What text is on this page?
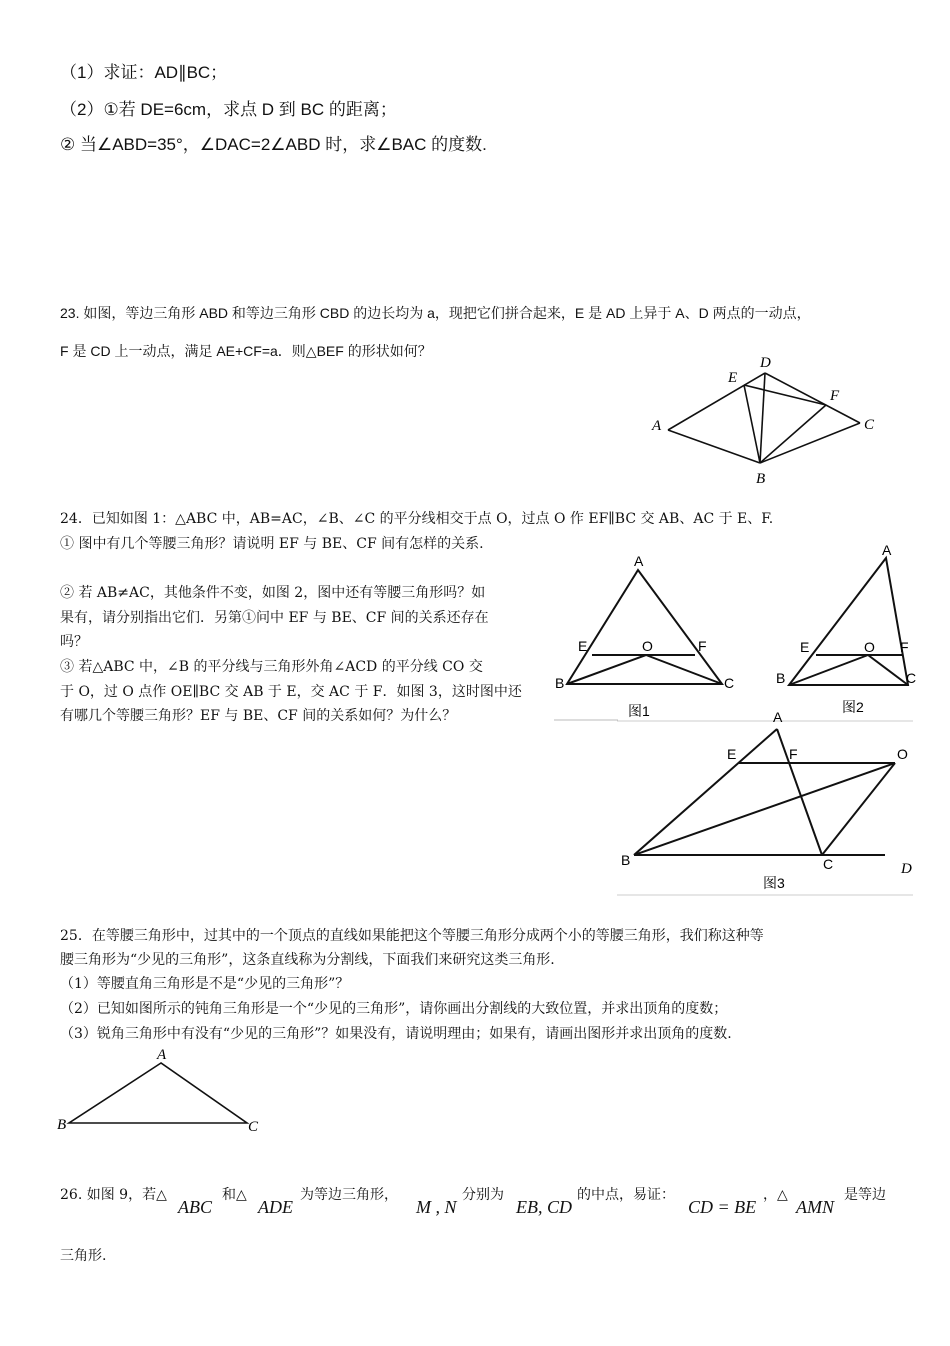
（1）求证：AD∥BC；
（2）①若 DE=6cm，求点 D 到 BC 的距离；
② 当∠ABD=35°，∠DAC=2∠ABD 时，求∠BAC 的度数.
23. 如图，等边三角形 ABD 和等边三角形 CBD 的边长均为 a，现把它们拼合起来，E 是 AD 上异于 A、D 两点的一动点，
F 是 CD 上一动点，满足 AE+CF=a．则△BEF 的形状如何？
A
B
C
D
E
F
24．已知如图 1：△ABC 中，AB=AC，∠B、∠C 的平分线相交于点 O，过点 O 作 EF∥BC 交 AB、AC 于 E、F.
① 图中有几个等腰三角形？请说明 EF 与 BE、CF 间有怎样的关系.
② 若 AB≠AC，其他条件不变，如图 2，图中还有等腰三角形吗？如
果有，请分别指出它们．另第①问中 EF 与 BE、CF 间的关系还存在
吗？
③ 若△ABC 中，∠B 的平分线与三角形外角∠ACD 的平分线 CO 交
于 O，过 O 点作 OE∥BC 交 AB 于 E，交 AC 于 F．如图 3，这时图中还
有哪几个等腰三角形？EF 与 BE、CF 间的关系如何？为什么？
A
B	C
E	O	F
图1
A
B	C
E	O F
图2
A
B	C	D
E	F	O
图3
25．在等腰三角形中，过其中的一个顶点的直线如果能把这个等腰三角形分成两个小的等腰三角形，我们称这种等
腰三角形为“少见的三角形”，这条直线称为分割线，下面我们来研究这类三角形.
（1）等腰直角三角形是不是“少见的三角形”？
（2）已知如图所示的钝角三角形是一个“少见的三角形”，请你画出分割线的大致位置，并求出顶角的度数；
（3）锐角三角形中有没有“少见的三角形”？如果没有，请说明理由；如果有，请画出图形并求出顶角的度数.
A
B	C
26. 如图 9，若△
ABC
和△
ADE
为等边三角形，
M , N
分别为
EB, CD
的中点，易证：
CD = BE
，△
AMN
是等边
三角形.
